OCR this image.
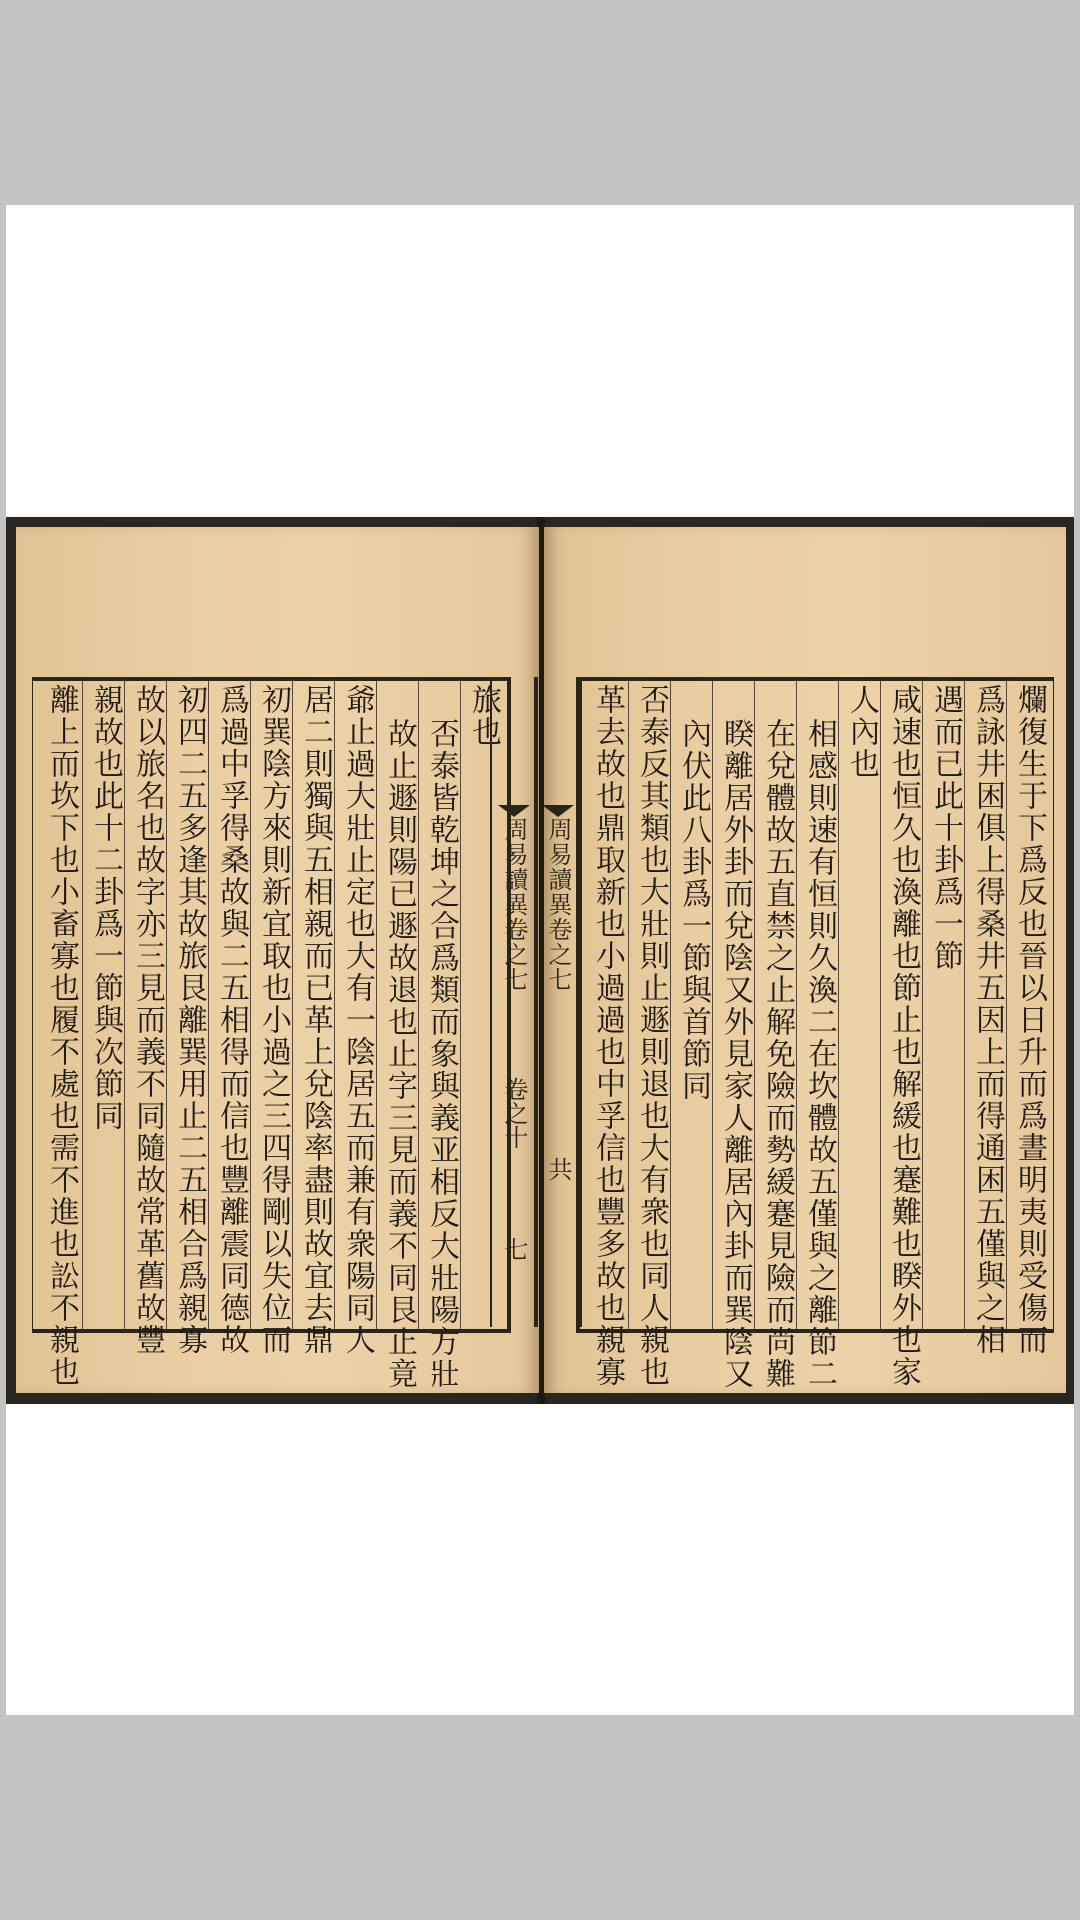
旅也
否泰皆乾坤之合爲類而象與義亚相反大壯陽方壯
故止遯則陽已遯故退也止字三見而義不同艮止竟
爺止過大壯止定也大有一陰居五而兼有衆陽同人
居二則獨與五相親而已革上兌陰率盡則故宜去鼎
初巽陰方來則新宜取也小過之三四得剛以失位而
爲過中孚得桑故與二五相得而信也豐離震同德故
初四二五多逢其故旅艮離巽用止二五相合爲親寡
故以旅名也故字亦三見而義不同隨故常革舊故豐
親故也此十二卦爲一節與次節同
離上而坎下也小畜寡也履不處也需不進也訟不親也	周易讀異卷之七
卷之十
七
周易讀異卷之七
共	爛復生于下爲反也晉以日升而爲晝明夷則受傷而
爲詠井困俱上得桑井五因上而得通困五僅與之相
遇而已此十卦爲一節
咸速也恒久也渙離也節止也解緩也蹇難也睽外也家
人內也
相感則速有恒則久渙二在坎體故五僅與之離節二
在兌體故五直禁之止解免險而勢緩蹇見險而尚難
睽離居外卦而兌陰又外見家人離居內卦而巽陰又
內伏此八卦爲一節與首節同
否泰反其類也大壯則止遯則退也大有衆也同人親也
革去故也鼎取新也小過過也中孚信也豐多故也親寡
